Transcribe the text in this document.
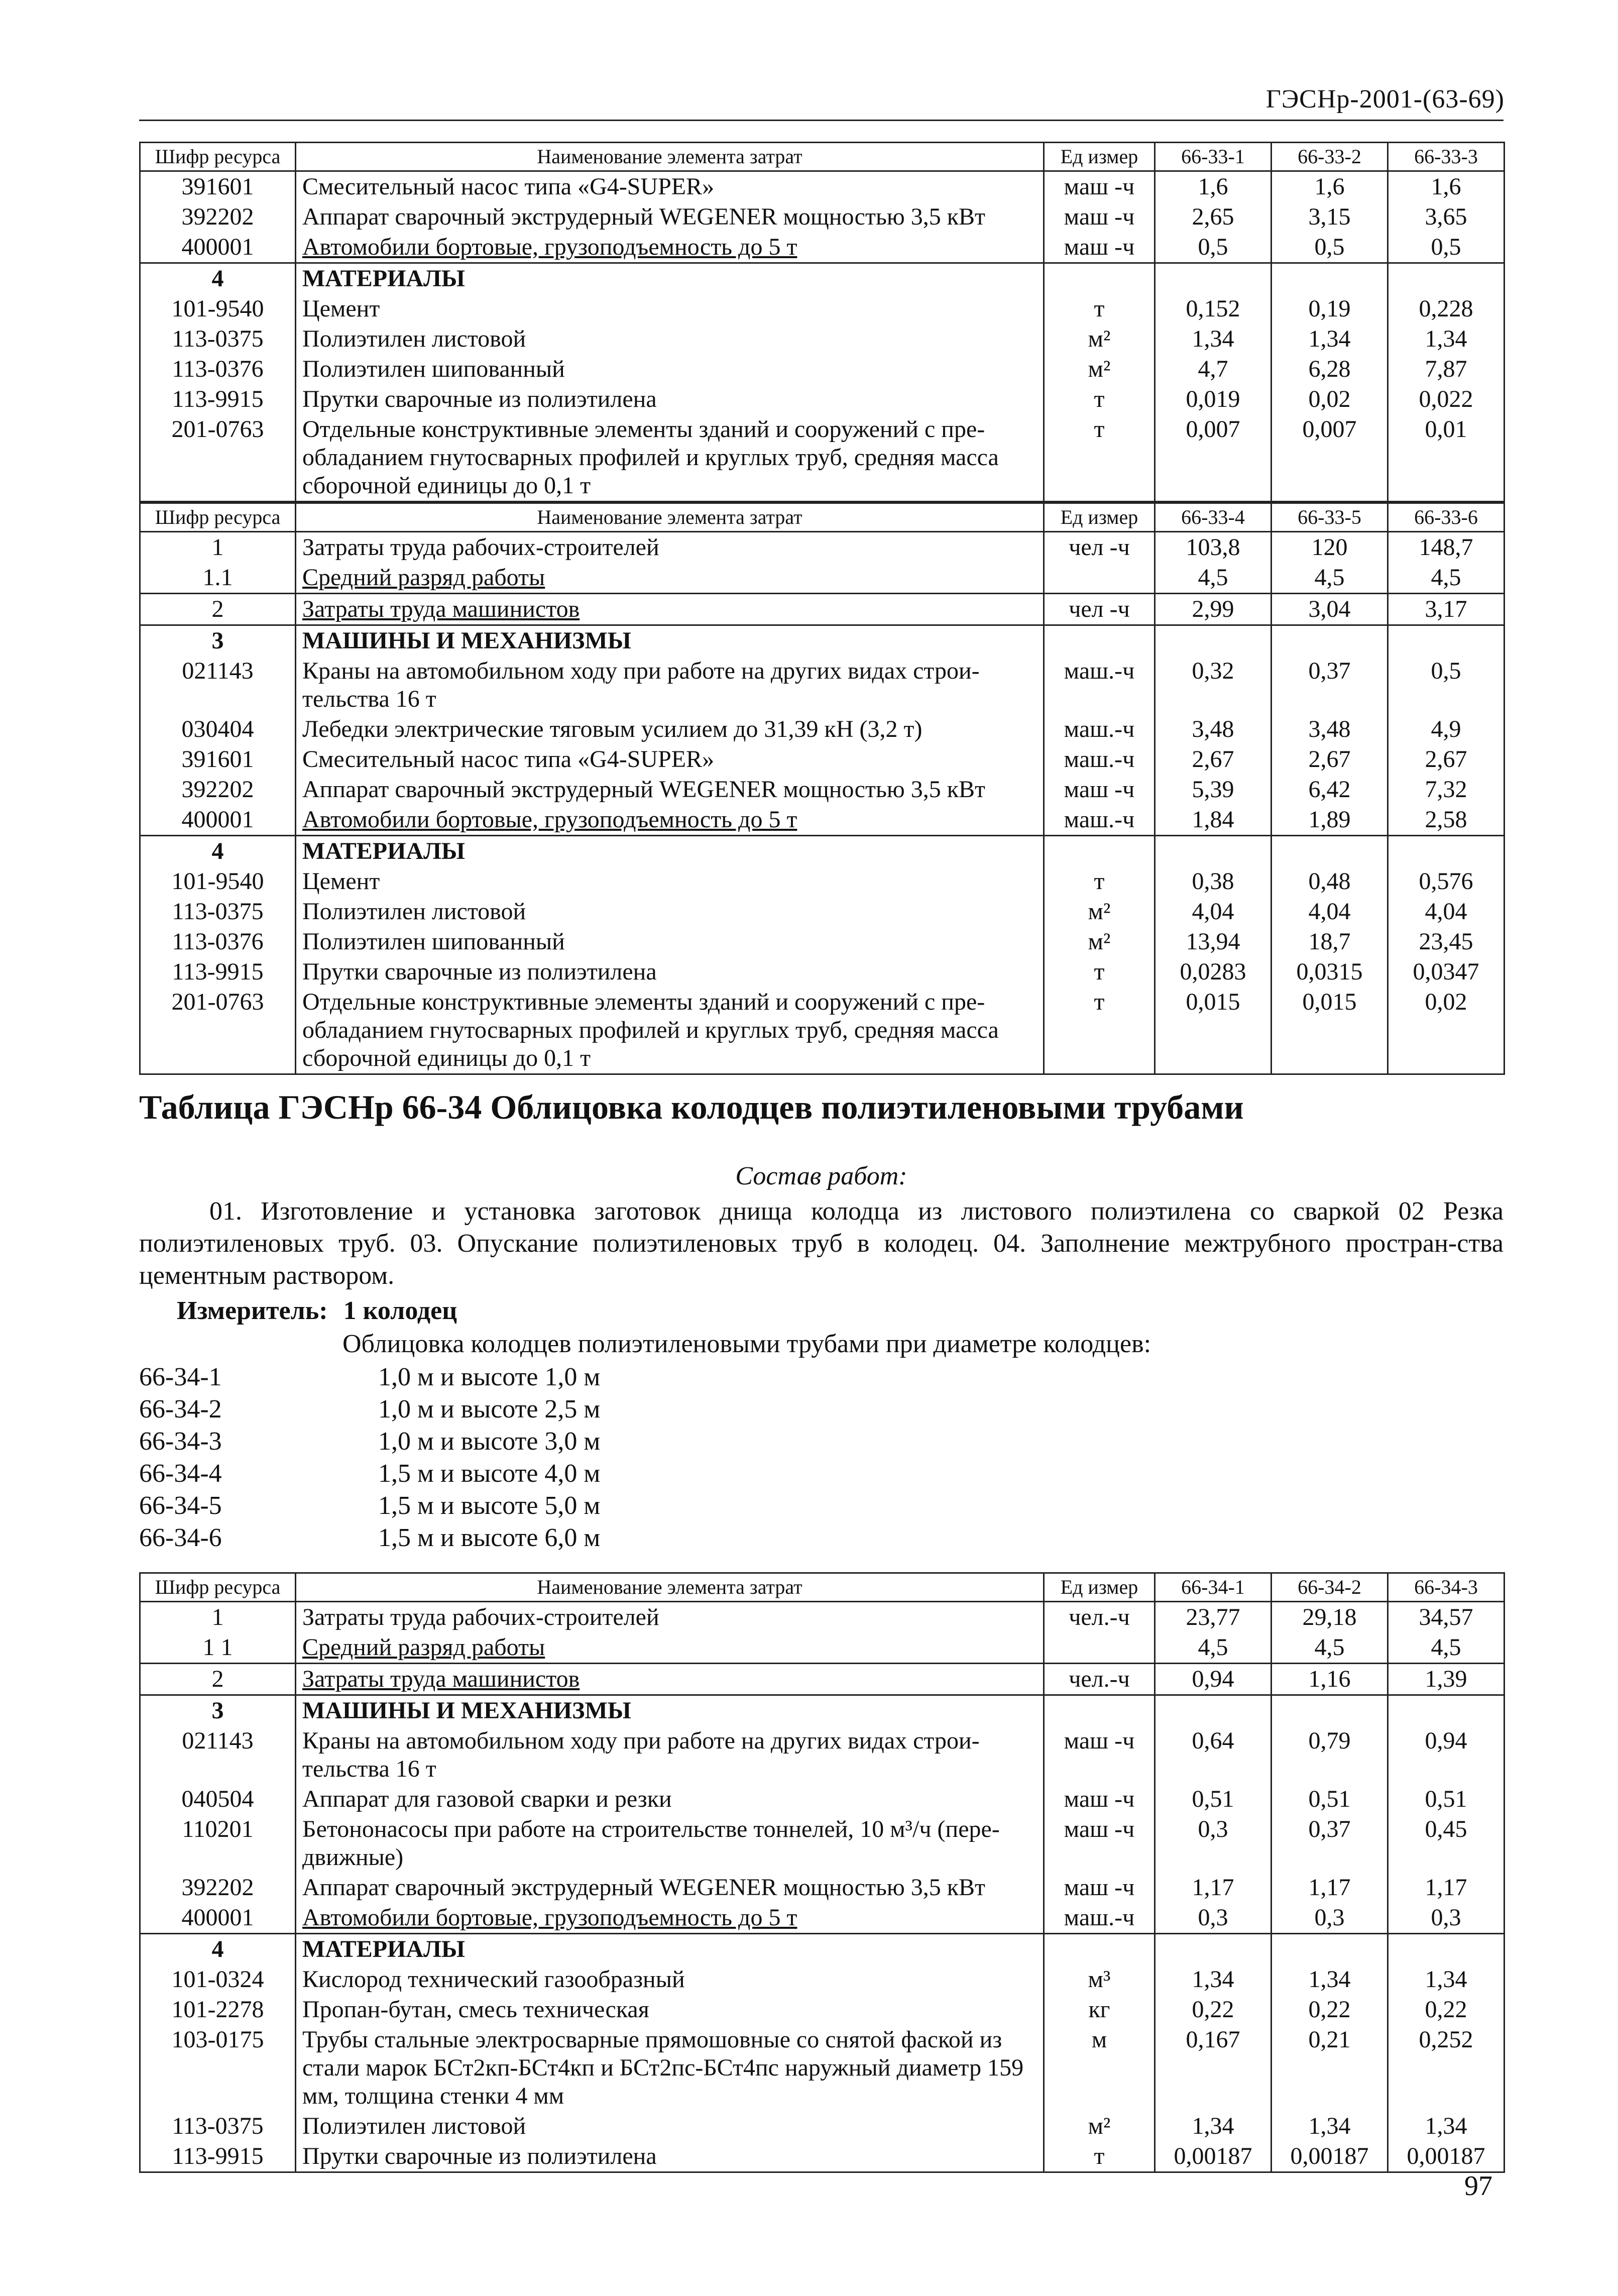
ГЭСНр-2001-(63-69)
Шифр ресурса	Наименование элемента затрат	Ед измер	66-33-1	66-33-2	66-33-3
391601	Смесительный насос типа «G4-SUPER»	маш -ч	1,6	1,6	1,6
392202	Аппарат сварочный экструдерный WEGENER мощностью 3,5 кВт	маш -ч	2,65	3,15	3,65
400001	Автомобили бортовые, грузоподъемность до 5 т	маш -ч	0,5	0,5	0,5
4	МАТЕРИАЛЫ				
101-9540	Цемент	т	0,152	0,19	0,228
113-0375	Полиэтилен листовой	м²	1,34	1,34	1,34
113-0376	Полиэтилен шипованный	м²	4,7	6,28	7,87
113-9915	Прутки сварочные из полиэтилена	т	0,019	0,02	0,022
201-0763	Отдельные конструктивные элементы зданий и сооружений с пре-обладанием гнутосварных профилей и круглых труб, средняя масса сборочной единицы до 0,1 т	т	0,007	0,007	0,01
Шифр ресурса	Наименование элемента затрат	Ед измер	66-33-4	66-33-5	66-33-6
1	Затраты труда рабочих-строителей	чел -ч	103,8	120	148,7
1.1	Средний разряд работы		4,5	4,5	4,5
2	Затраты труда машинистов	чел -ч	2,99	3,04	3,17
3	МАШИНЫ И МЕХАНИЗМЫ				
021143	Краны на автомобильном ходу при работе на других видах строи-тельства 16 т	маш.-ч	0,32	0,37	0,5
030404	Лебедки электрические тяговым усилием до 31,39 кН (3,2 т)	маш.-ч	3,48	3,48	4,9
391601	Смесительный насос типа «G4-SUPER»	маш.-ч	2,67	2,67	2,67
392202	Аппарат сварочный экструдерный WEGENER мощностью 3,5 кВт	маш -ч	5,39	6,42	7,32
400001	Автомобили бортовые, грузоподъемность до 5 т	маш.-ч	1,84	1,89	2,58
4	МАТЕРИАЛЫ				
101-9540	Цемент	т	0,38	0,48	0,576
113-0375	Полиэтилен листовой	м²	4,04	4,04	4,04
113-0376	Полиэтилен шипованный	м²	13,94	18,7	23,45
113-9915	Прутки сварочные из полиэтилена	т	0,0283	0,0315	0,0347
201-0763	Отдельные конструктивные элементы зданий и сооружений с пре-обладанием гнутосварных профилей и круглых труб, средняя масса сборочной единицы до 0,1 т	т	0,015	0,015	0,02
Таблица ГЭСНр 66-34 Облицовка колодцев полиэтиленовыми трубами
Состав работ:
01. Изготовление и установка заготовок днища колодца из листового полиэтилена со сваркой 02 Резка полиэтиленовых труб. 03. Опускание полиэтиленовых труб в колодец. 04. Заполнение межтрубного простран-ства цементным раствором.
Измеритель: 1 колодец
Облицовка колодцев полиэтиленовыми трубами при диаметре колодцев:
66-34-1	1,0 м и высоте 1,0 м
66-34-2	1,0 м и высоте 2,5 м
66-34-3	1,0 м и высоте 3,0 м
66-34-4	1,5 м и высоте 4,0 м
66-34-5	1,5 м и высоте 5,0 м
66-34-6	1,5 м и высоте 6,0 м
Шифр ресурса	Наименование элемента затрат	Ед измер	66-34-1	66-34-2	66-34-3
1	Затраты труда рабочих-строителей	чел.-ч	23,77	29,18	34,57
1 1	Средний разряд работы		4,5	4,5	4,5
2	Затраты труда машинистов	чел.-ч	0,94	1,16	1,39
3	МАШИНЫ И МЕХАНИЗМЫ				
021143	Краны на автомобильном ходу при работе на других видах строи-тельства 16 т	маш -ч	0,64	0,79	0,94
040504	Аппарат для газовой сварки и резки	маш -ч	0,51	0,51	0,51
110201	Бетононасосы при работе на строительстве тоннелей, 10 м³/ч (пере-движные)	маш -ч	0,3	0,37	0,45
392202	Аппарат сварочный экструдерный WEGENER мощностью 3,5 кВт	маш -ч	1,17	1,17	1,17
400001	Автомобили бортовые, грузоподъемность до 5 т	маш.-ч	0,3	0,3	0,3
4	МАТЕРИАЛЫ				
101-0324	Кислород технический газообразный	м³	1,34	1,34	1,34
101-2278	Пропан-бутан, смесь техническая	кг	0,22	0,22	0,22
103-0175	Трубы стальные электросварные прямошовные со снятой фаской из стали марок БСт2кп-БСт4кп и БСт2пс-БСт4пс наружный диаметр 159 мм, толщина стенки 4 мм	м	0,167	0,21	0,252
113-0375	Полиэтилен листовой	м²	1,34	1,34	1,34
113-9915	Прутки сварочные из полиэтилена	т	0,00187	0,00187	0,00187
97
